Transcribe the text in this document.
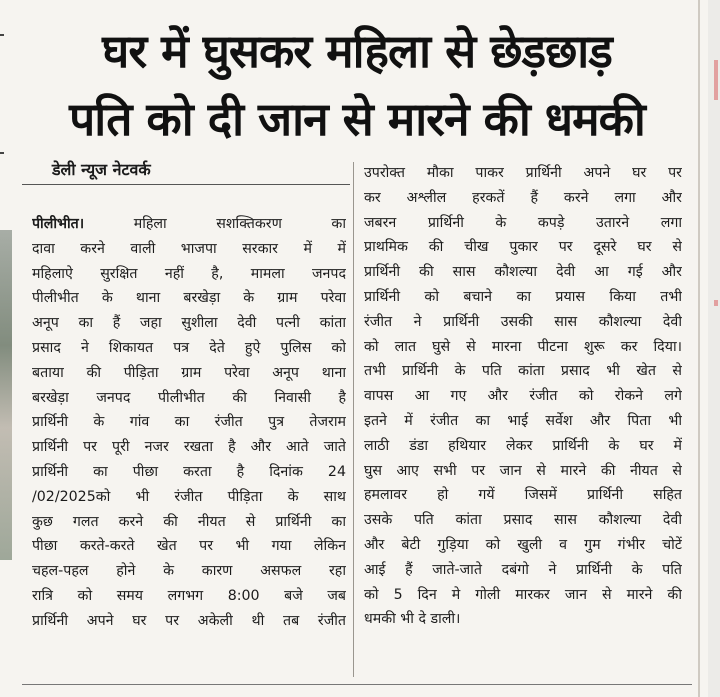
घर में घुसकर महिला से छेड़छाड़
पति को दी जान से मारने की धमकी
डेली न्यूज नेटवर्क
पीलीभीत।	महिला सशक्तिकरण का
दावा करने वाली भाजपा सरकार में में
महिलाऐ सुरक्षित नहीं है, मामला जनपद
पीलीभीत के थाना बरखेड़ा के ग्राम परेवा
अनूप का हैं जहा सुशीला देवी पत्नी कांता
प्रसाद ने शिकायत पत्र देते हुऐ पुलिस को
बताया की पीड़िता ग्राम परेवा अनूप थाना
बरखेड़ा जनपद पीलीभीत की निवासी है
प्रार्थिनी के गांव का रंजीत पुत्र तेजराम
प्रार्थिनी पर पूरी नजर रखता है और आते जाते
प्रार्थिनी का पीछा करता है दिनांक 24
/02/2025को भी रंजीत पीड़िता के साथ
कुछ गलत करने की नीयत से प्रार्थिनी का
पीछा करते-करते खेत पर भी गया लेकिन
चहल-पहल होने के कारण असफल रहा
रात्रि को समय लगभग 8:00 बजे जब
प्रार्थिनी अपने घर पर अकेली थी तब रंजीत
उपरोक्त मौका पाकर प्रार्थिनी अपने घर पर
कर अश्लील हरकतें हैं करने लगा और
जबरन प्रार्थिनी के कपड़े उतारने लगा
प्राथमिक की चीख पुकार पर दूसरे घर से
प्रार्थिनी की सास कौशल्या देवी आ गई और
प्रार्थिनी को बचाने का प्रयास किया तभी
रंजीत ने प्रार्थिनी उसकी सास कौशल्या देवी
को लात घुसे से मारना पीटना शुरू कर दिया।
तभी प्रार्थिनी के पति कांता प्रसाद भी खेत से
वापस आ गए और रंजीत को रोकने लगे
इतने में रंजीत का भाई सर्वेश और पिता भी
लाठी डंडा हथियार लेकर प्रार्थिनी के घर में
घुस आए सभी पर जान से मारने की नीयत से
हमलावर हो गयें जिसमें प्रार्थिनी सहित
उसके पति कांता प्रसाद सास कौशल्या देवी
और बेटी गुड़िया को खुली व गुम गंभीर चोटें
आई हैं जाते-जाते दबंगो ने प्रार्थिनी के पति
को 5 दिन मे गोली मारकर जान से मारने की
धमकी भी दे डाली।
